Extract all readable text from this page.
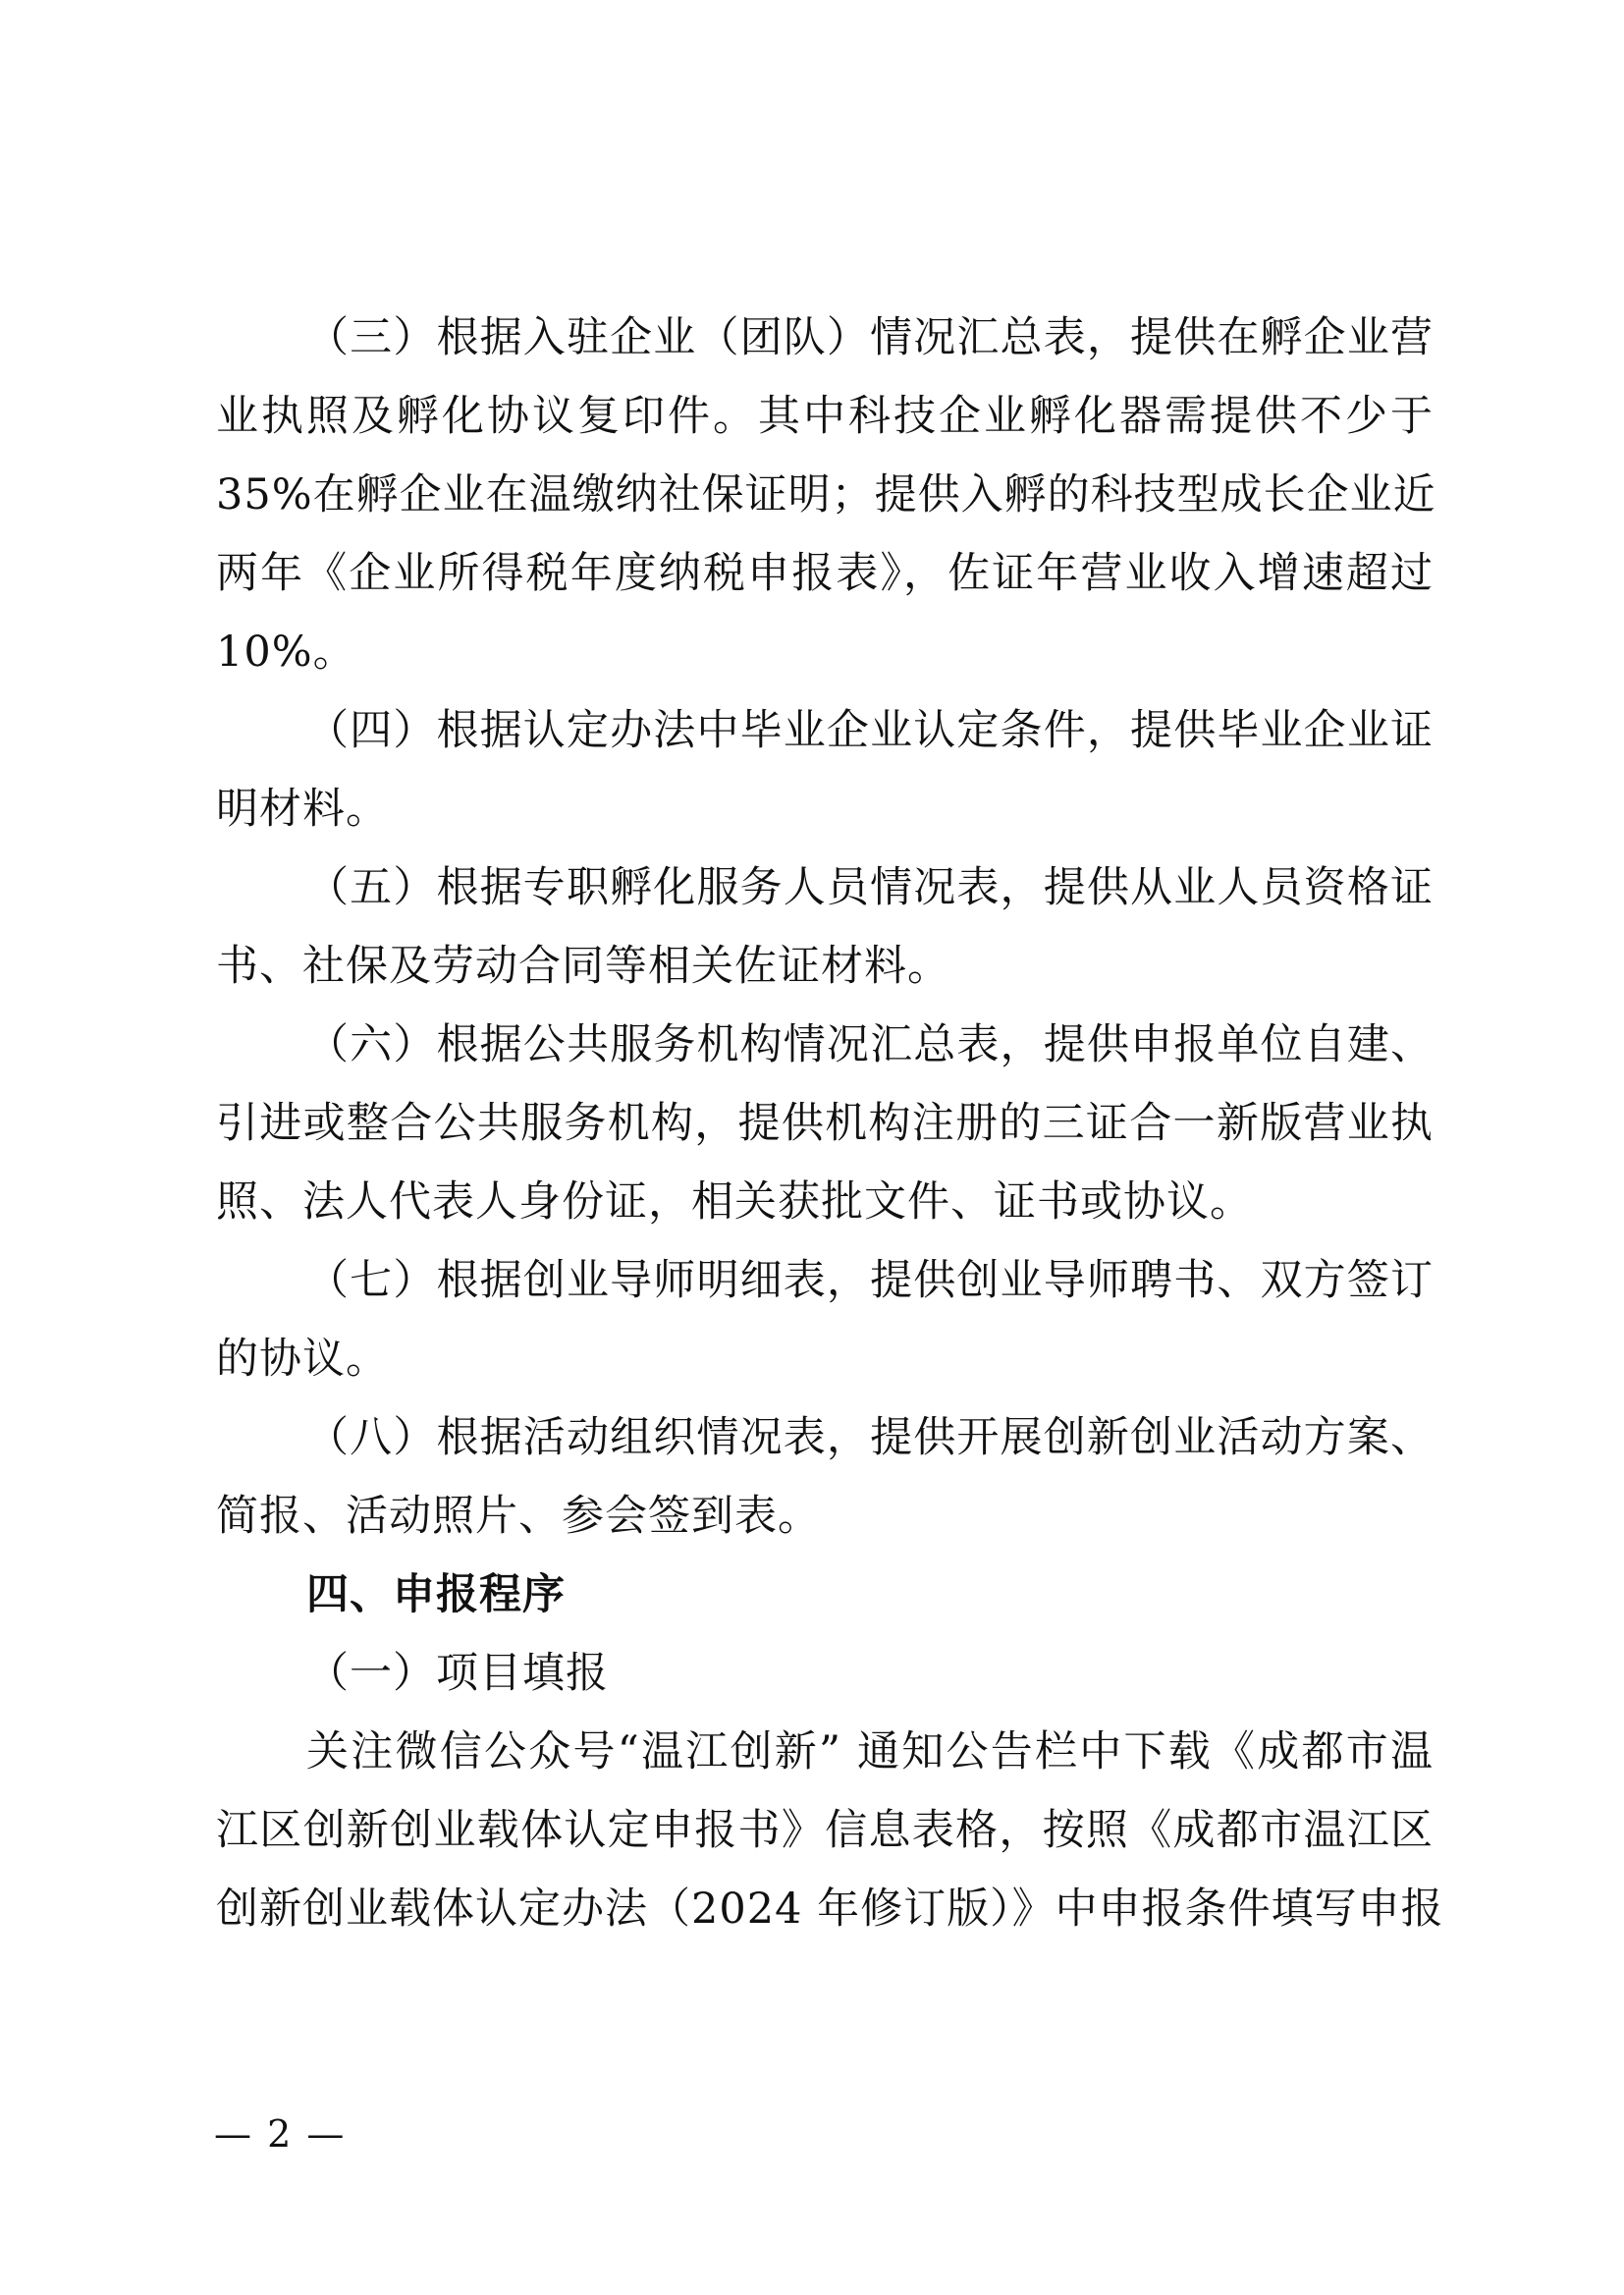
（三）根据入驻企业（团队）情况汇总表，提供在孵企业营
业执照及孵化协议复印件。其中科技企业孵化器需提供不少于
35%在孵企业在温缴纳社保证明；提供入孵的科技型成长企业近
两年《企业所得税年度纳税申报表》，佐证年营业收入增速超过
10%。
（四）根据认定办法中毕业企业认定条件，提供毕业企业证
明材料。
（五）根据专职孵化服务人员情况表，提供从业人员资格证
书、社保及劳动合同等相关佐证材料。
（六）根据公共服务机构情况汇总表，提供申报单位自建、
引进或整合公共服务机构，提供机构注册的三证合一新版营业执
照、法人代表人身份证，相关获批文件、证书或协议。
（七）根据创业导师明细表，提供创业导师聘书、双方签订
的协议。
（八）根据活动组织情况表，提供开展创新创业活动方案、
简报、活动照片、参会签到表。
四、申报程序
（一）项目填报
关注微信公众号“温江创新” 通知公告栏中下载《成都市温
江区创新创业载体认定申报书》信息表格，按照《成都市温江区
创新创业载体认定办法（2024 年修订版）》中申报条件填写申报
— 2 —
